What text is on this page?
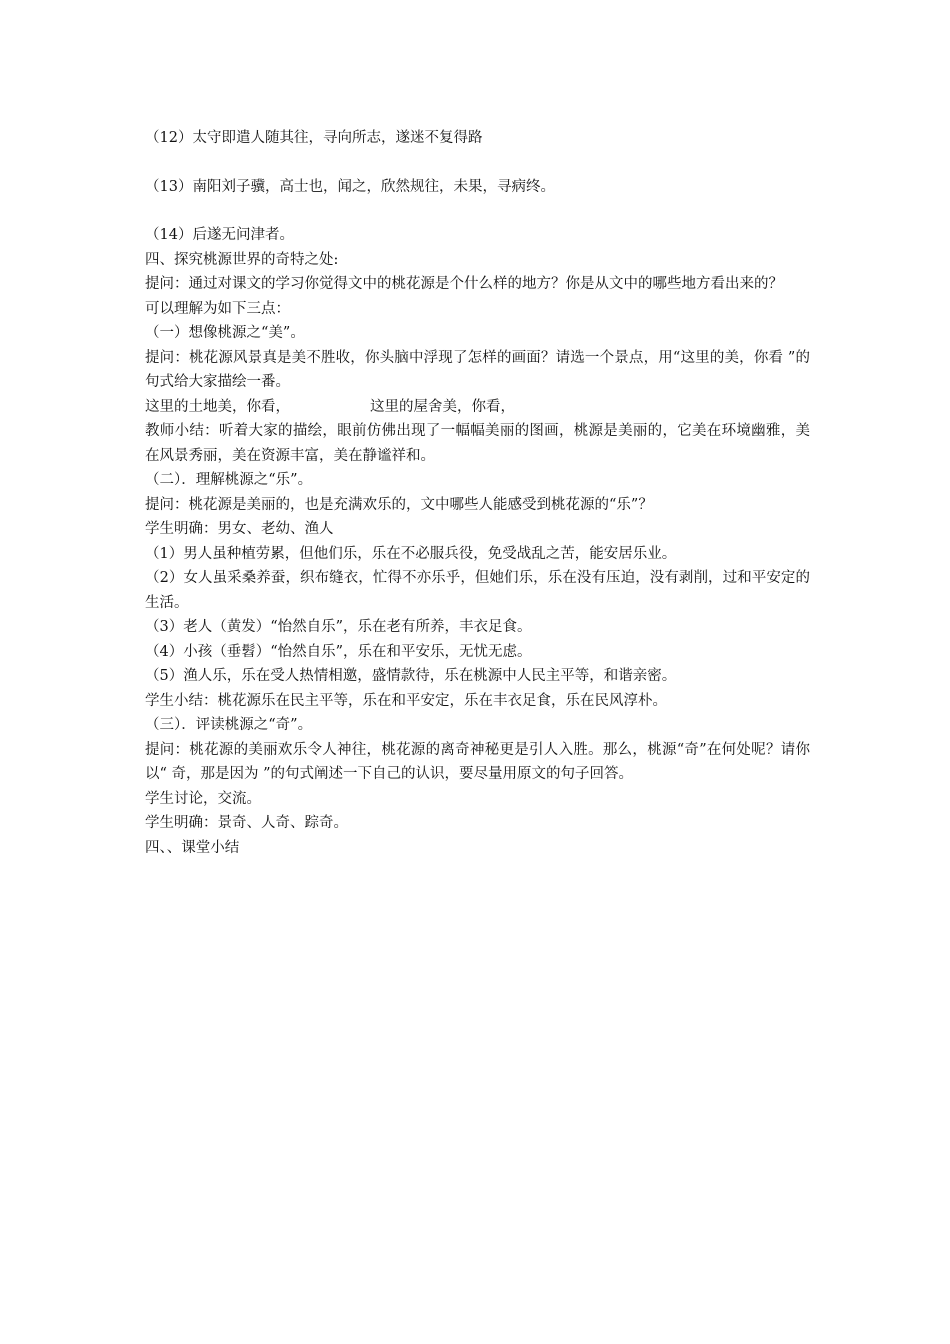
（12）太守即遣人随其往，寻向所志，遂迷不复得路
（13）南阳刘子骥，高士也，闻之，欣然规往，未果，寻病终。
（14）后遂无问津者。
四、探究桃源世界的奇特之处:
提问：通过对课文的学习你觉得文中的桃花源是个什么样的地方？你是从文中的哪些地方看出来的？
可以理解为如下三点：
（一）想像桃源之“美”。
提问：桃花源风景真是美不胜收，你头脑中浮现了怎样的画面？请选一个景点，用“这里的美，你看 ”的句式给大家描绘一番。
这里的土地美，你看，	这里的屋舍美，你看，
教师小结：听着大家的描绘，眼前仿佛出现了一幅幅美丽的图画，桃源是美丽的，它美在环境幽雅，美在风景秀丽，美在资源丰富，美在静谧祥和。
（二）．理解桃源之“乐”。
提问：桃花源是美丽的，也是充满欢乐的，文中哪些人能感受到桃花源的“乐”？
学生明确：男女、老幼、渔人
（1）男人虽种植劳累，但他们乐，乐在不必服兵役，免受战乱之苦，能安居乐业。
（2）女人虽采桑养蚕，织布缝衣，忙得不亦乐乎，但她们乐，乐在没有压迫，没有剥削，过和平安定的生活。
（3）老人（黄发）“怡然自乐”，乐在老有所养，丰衣足食。
（4）小孩（垂髫）“怡然自乐”，乐在和平安乐，无忧无虑。
（5）渔人乐，乐在受人热情相邀，盛情款待，乐在桃源中人民主平等，和谐亲密。
学生小结：桃花源乐在民主平等，乐在和平安定，乐在丰衣足食，乐在民风淳朴。
（三）．评读桃源之“奇”。
提问：桃花源的美丽欢乐令人神往，桃花源的离奇神秘更是引人入胜。那么，桃源“奇”在何处呢？请你以“ 奇，那是因为 ”的句式阐述一下自己的认识，要尽量用原文的句子回答。
学生讨论，交流。
学生明确：景奇、人奇、踪奇。
四、、课堂小结
